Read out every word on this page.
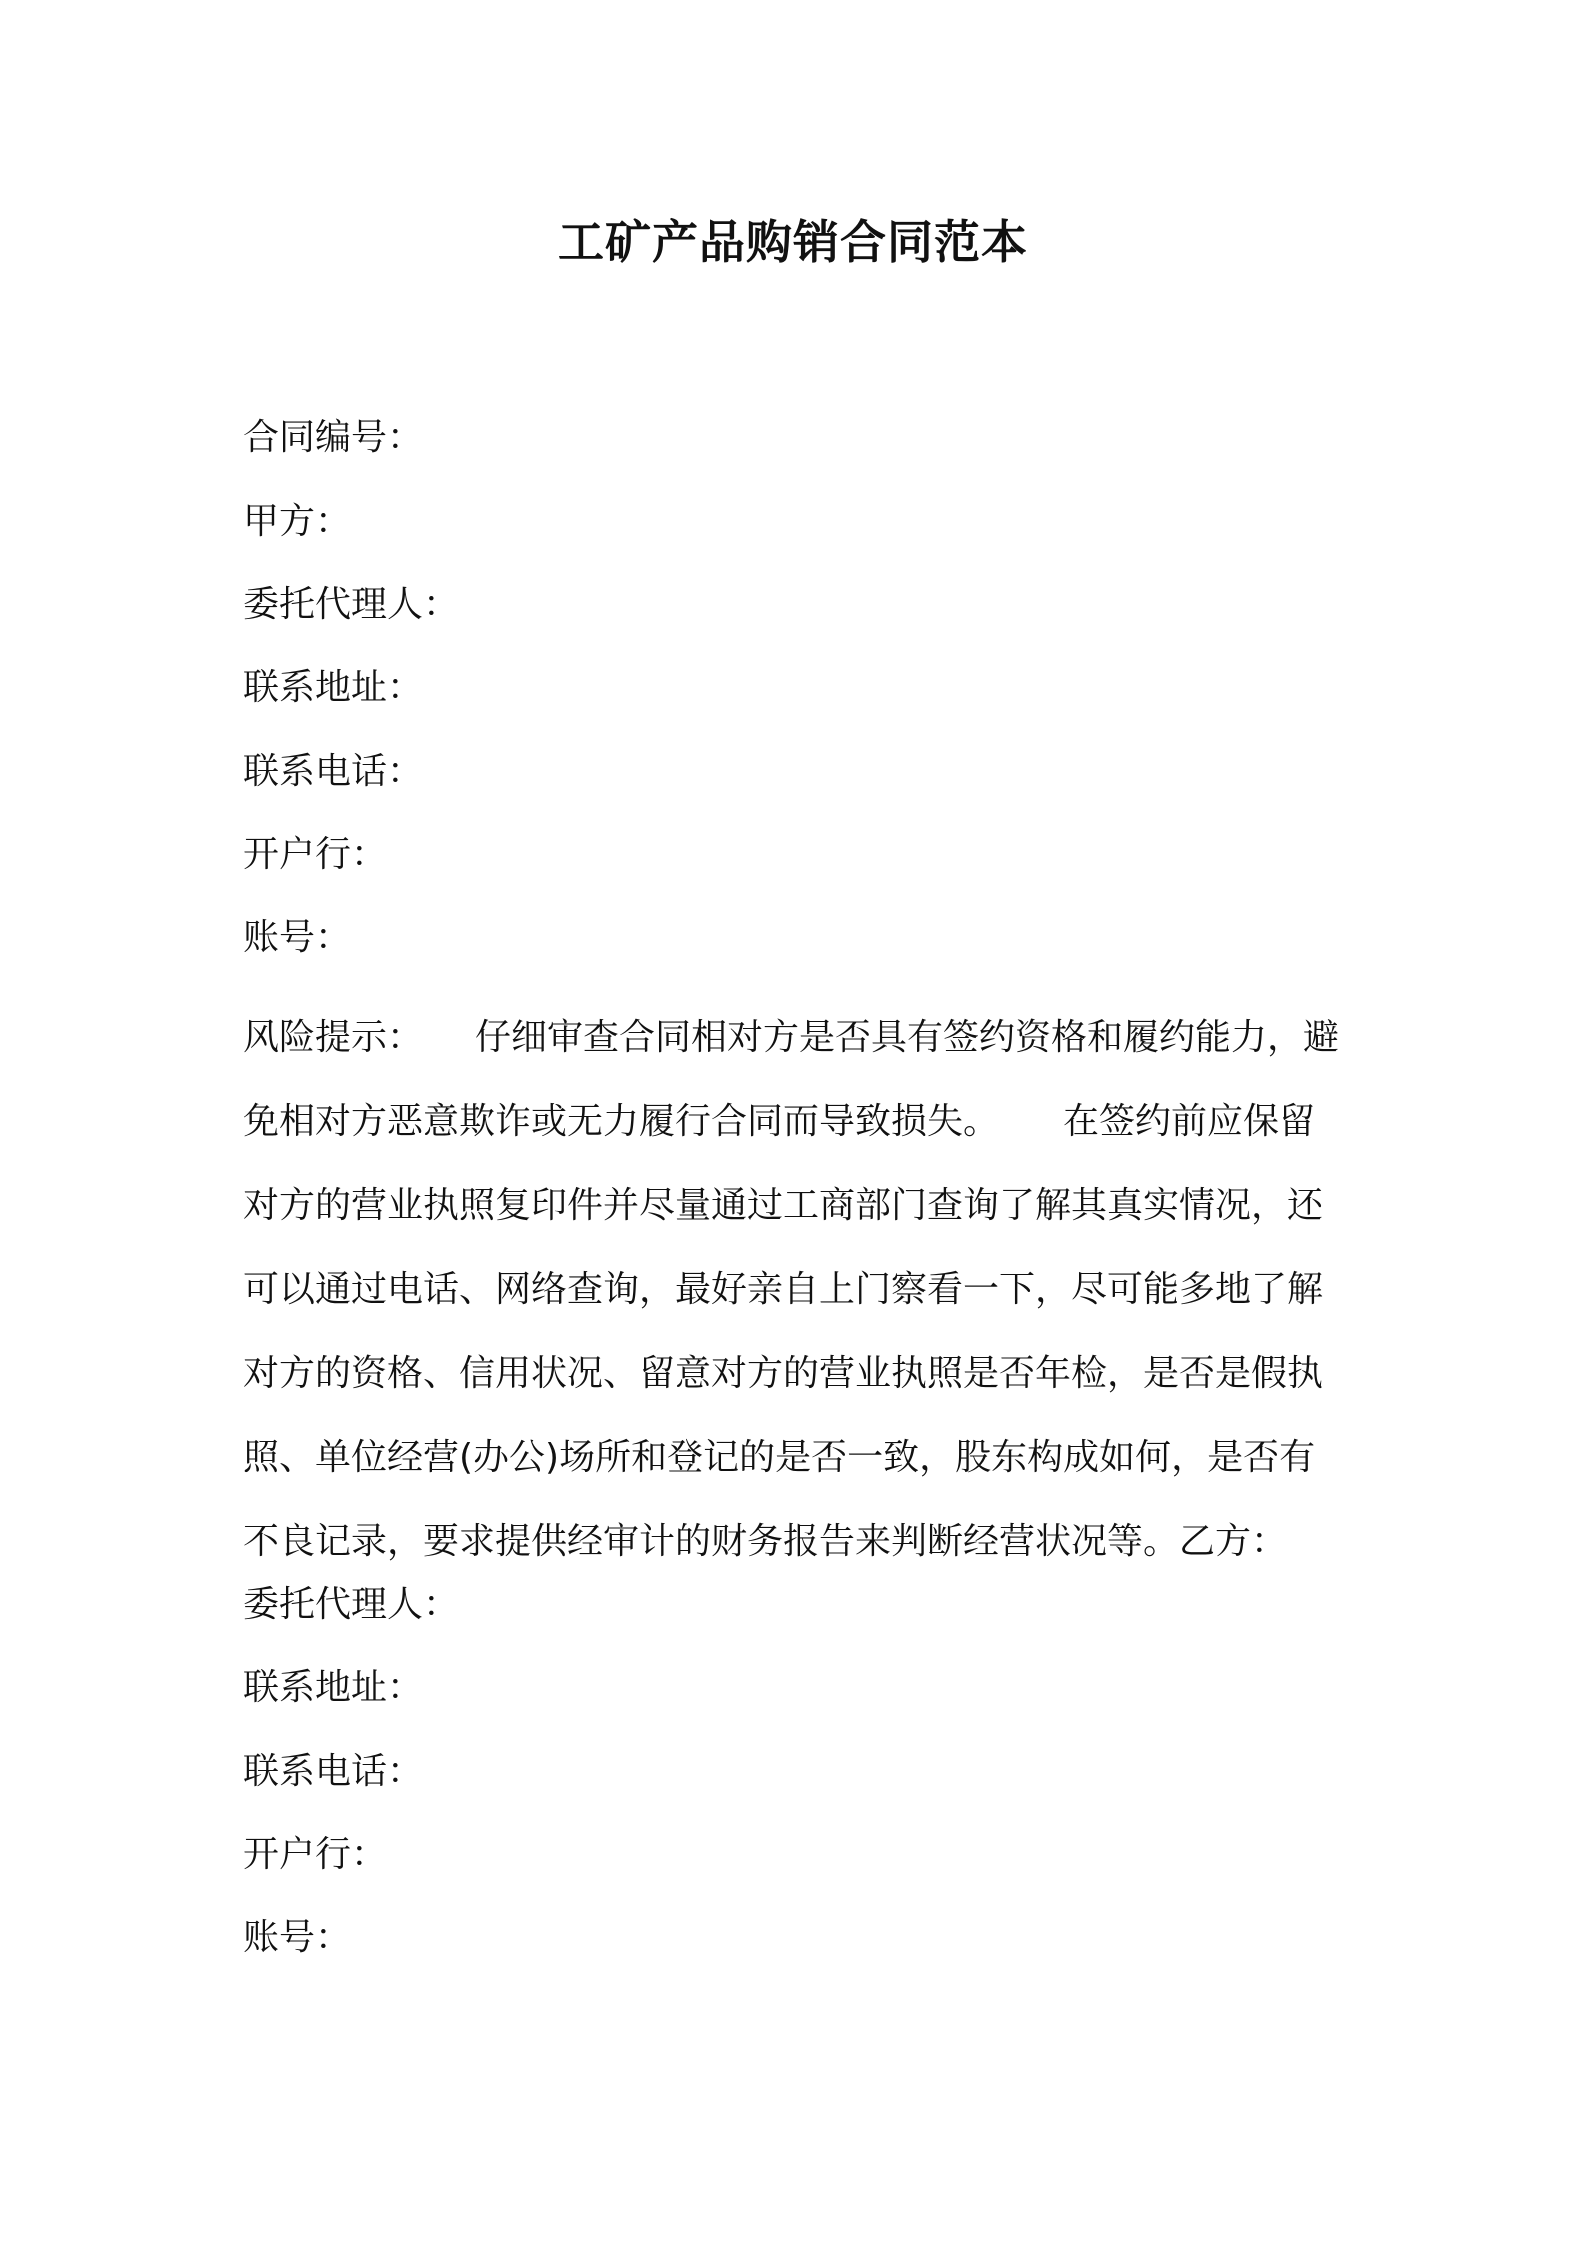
工矿产品购销合同范本
合同编号：
甲方：
委托代理人：
联系地址：
联系电话：
开户行：
账号：
风险提示： 仔细审查合同相对方是否具有签约资格和履约能力，避
免相对方恶意欺诈或无力履行合同而导致损失。 在签约前应保留
对方的营业执照复印件并尽量通过工商部门查询了解其真实情况，还
可以通过电话、网络查询，最好亲自上门察看一下，尽可能多地了解
对方的资格、信用状况、留意对方的营业执照是否年检，是否是假执
照、单位经营(办公)场所和登记的是否一致，股东构成如何，是否有
不良记录，要求提供经审计的财务报告来判断经营状况等。乙方：
委托代理人：
联系地址：
联系电话：
开户行：
账号：
